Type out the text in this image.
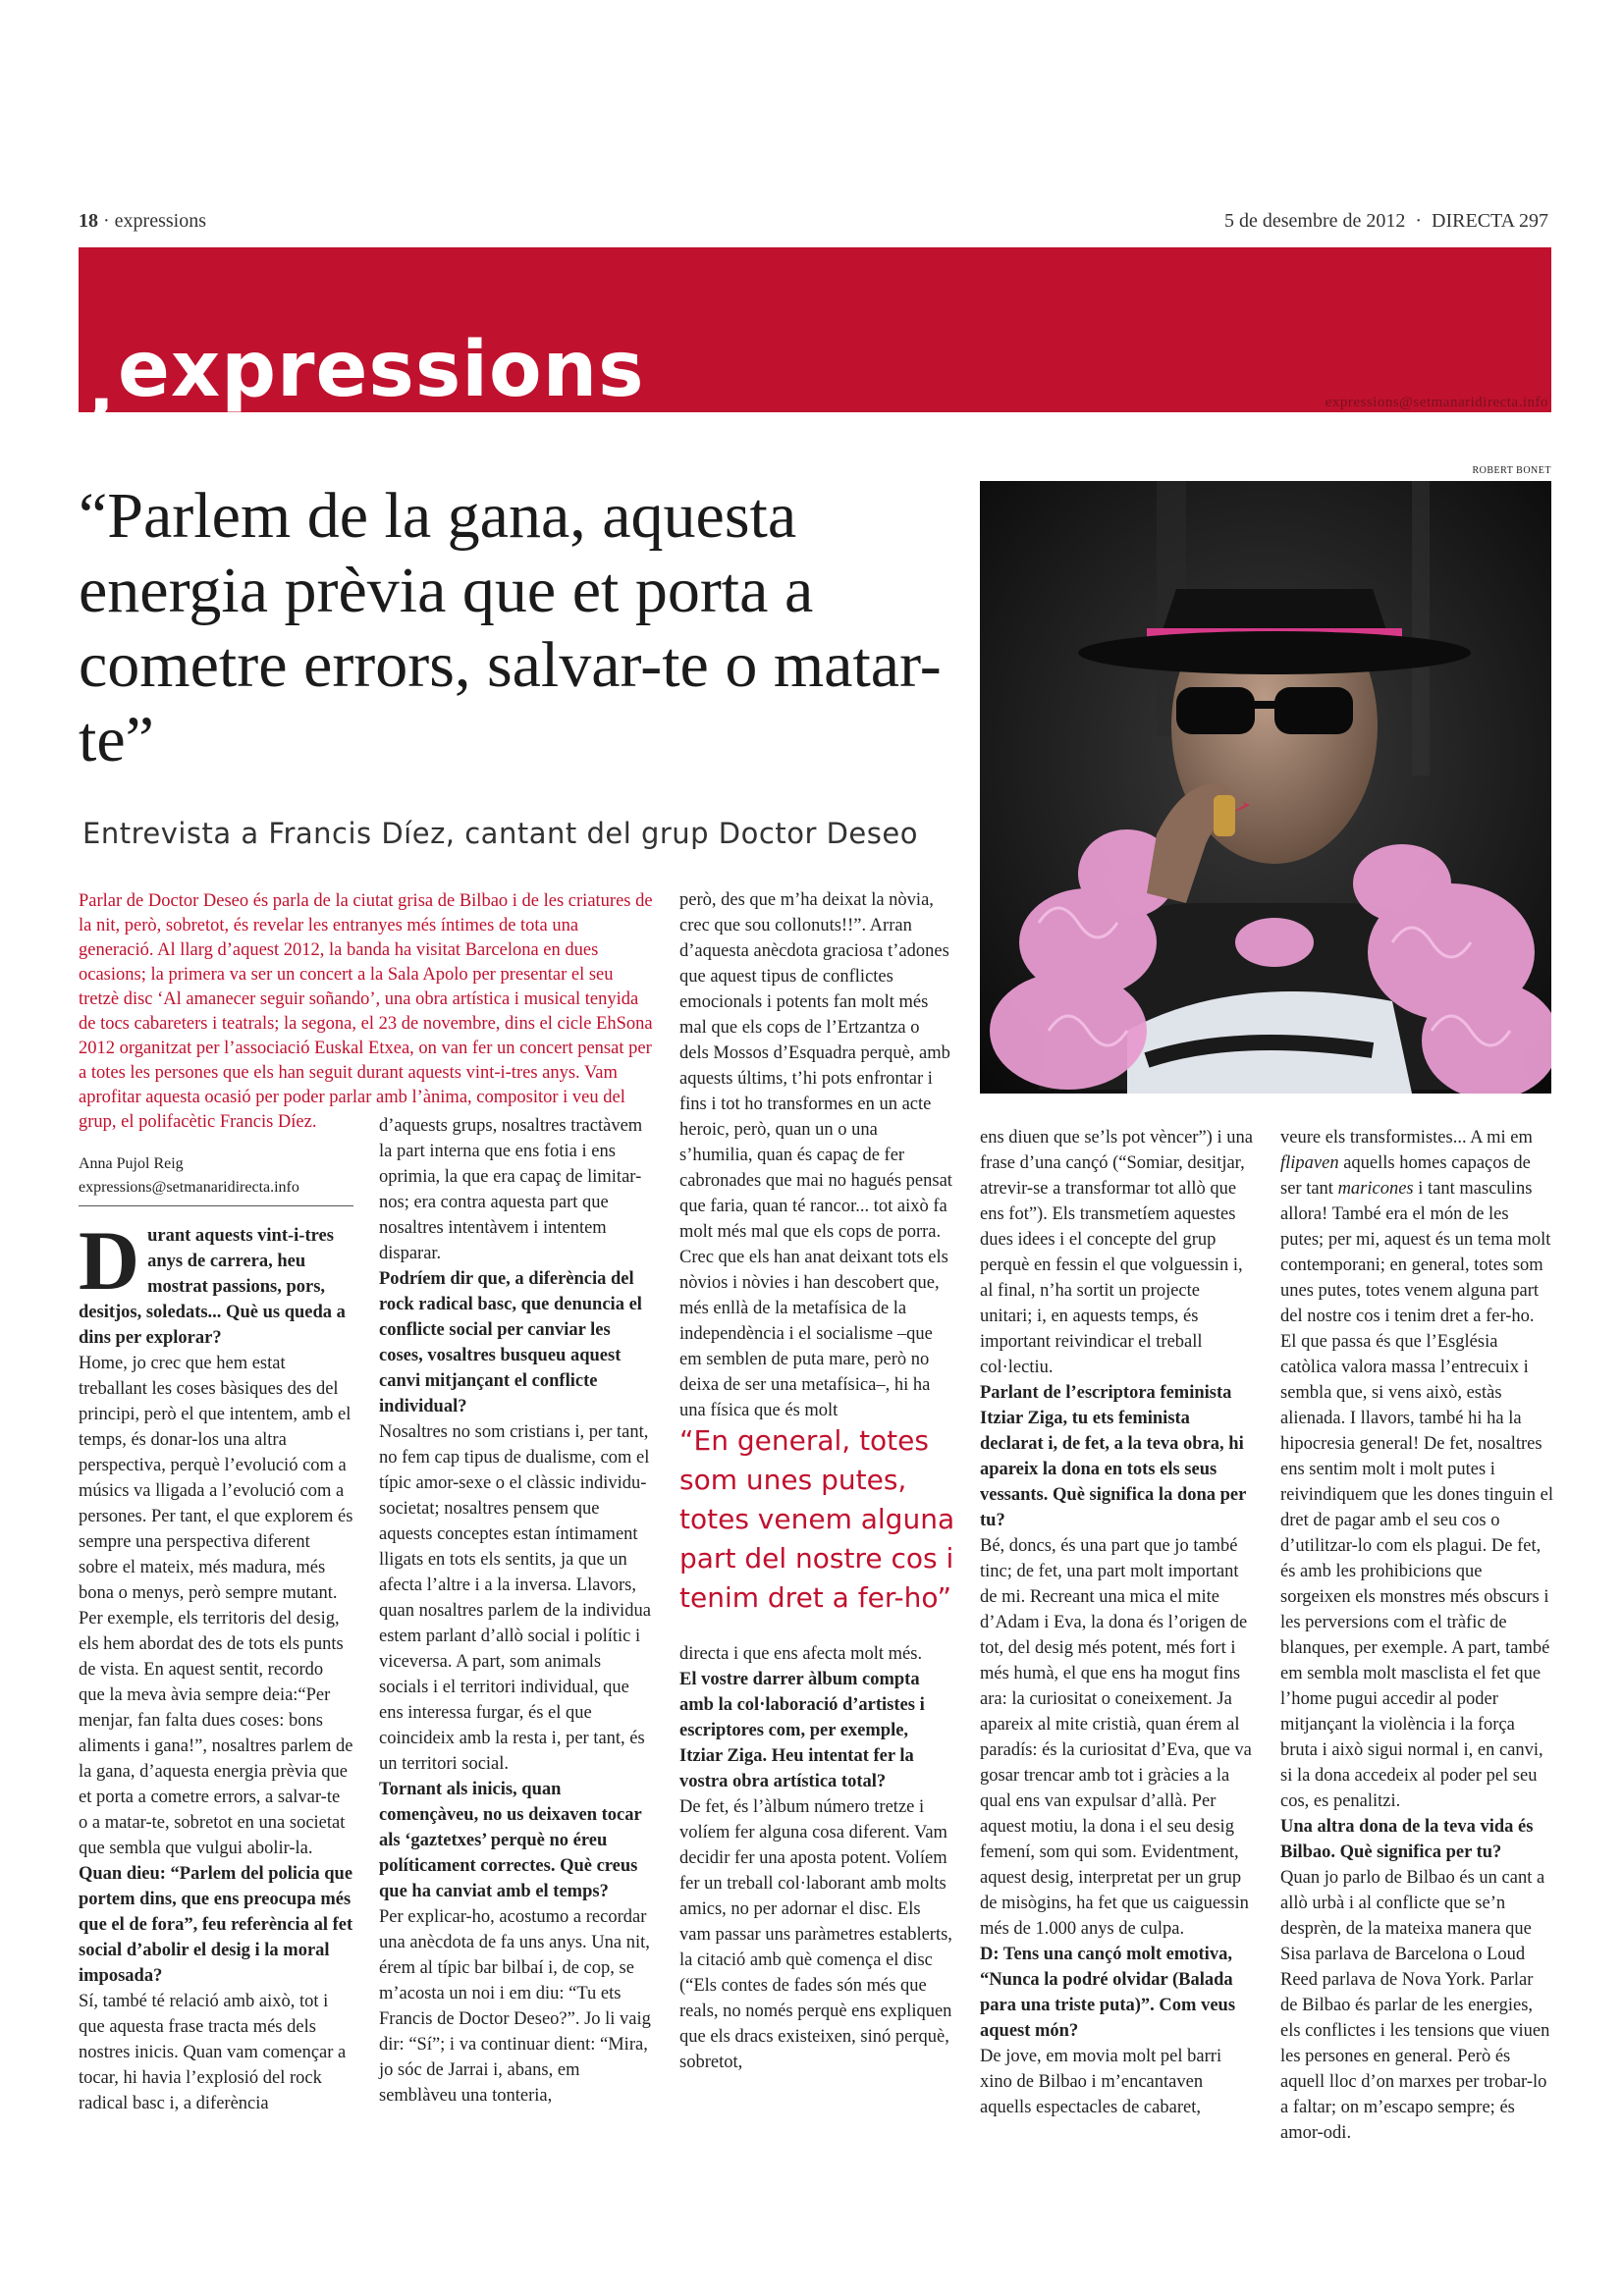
18 · expressions	5 de desembre de 2012 · DIRECTA 297
, expressions	expressions@setmanaridirecta.info
ROBERT BONET
“Parlem de la gana, aquesta energia prèvia que et porta a cometre errors, salvar-te o matar-te”
Entrevista a Francis Díez, cantant del grup Doctor Deseo
Parlar de Doctor Deseo és parla de la ciutat grisa de Bilbao i de les criatures de la nit, però, sobretot, és revelar les entranyes més íntimes de tota una generació. Al llarg d’aquest 2012, la banda ha visitat Barcelona en dues ocasions; la primera va ser un concert a la Sala Apolo per presentar el seu tretzè disc ‘Al amanecer seguir soñando’, una obra artística i musical tenyida de tocs cabareters i teatrals; la segona, el 23 de novembre, dins el cicle EhSona 2012 organitzat per l’associació Euskal Etxea, on van fer un concert pensat per a totes les persones que els han seguit durant aquests vint-i-tres anys. Vam aprofitar aquesta ocasió per poder parlar amb l’ànima, compositor i veu del grup, el polifacètic Francis Díez.
Anna Pujol Reig
expressions@setmanaridirecta.info

Durant aquests vint-i-tres anys de carrera, heu mostrat passions, pors, desitjos, soledats... Què us queda a dins per explorar?

Home, jo crec que hem estat treballant les coses bàsiques des del principi, però el que intentem, amb el temps, és donar-los una altra perspectiva, perquè l’evolució com a músics va lligada a l’evolució com a persones. Per tant, el que explorem és sempre una perspectiva diferent sobre el mateix, més madura, més bona o menys, però sempre mutant. Per exemple, els territoris del desig, els hem abordat des de tots els punts de vista. En aquest sentit, recordo que la meva àvia sempre deia:“Per menjar, fan falta dues coses: bons aliments i gana!”, nosaltres parlem de la gana, d’aquesta energia prèvia que et porta a cometre errors, a salvar-te o a matar-te, sobretot en una societat que sembla que vulgui abolir-la.

Quan dieu: “Parlem del policia que portem dins, que ens preocupa més que el de fora”, feu referència al fet social d’abolir el desig i la moral imposada?

Sí, també té relació amb això, tot i que aquesta frase tracta més dels nostres inicis. Quan vam començar a tocar, hi havia l’explosió del rock radical basc i, a diferència

d’aquests grups, nosaltres tractàvem la part interna que ens fotia i ens oprimia, la que era capaç de limitar-nos; era contra aquesta part que nosaltres intentàvem i intentem disparar.

Podríem dir que, a diferència del rock radical basc, que denuncia el conflicte social per canviar les coses, vosaltres busqueu aquest canvi mitjançant el conflicte individual?

Nosaltres no som cristians i, per tant, no fem cap tipus de dualisme, com el típic amor-sexe o el clàssic individu-societat; nosaltres pensem que aquests conceptes estan íntimament lligats en tots els sentits, ja que un afecta l’altre i a la inversa. Llavors, quan nosaltres parlem de la individua estem parlant d’allò social i polític i viceversa. A part, som animals socials i el territori individual, que ens interessa furgar, és el que coincideix amb la resta i, per tant, és un territori social.

Tornant als inicis, quan començàveu, no us deixaven tocar als ‘gaztetxes’ perquè no éreu políticament correctes. Què creus que ha canviat amb el temps?

Per explicar-ho, acostumo a recordar una anècdota de fa uns anys. Una nit, érem al típic bar bilbaí i, de cop, se m’acosta un noi i em diu: “Tu ets Francis de Doctor Deseo?”. Jo li vaig dir: “Sí”; i va continuar dient: “Mira, jo sóc de Jarrai i, abans, em semblàveu una tonteria,

però, des que m’ha deixat la nòvia, crec que sou collonuts!!”. Arran d’aquesta anècdota graciosa t’adones que aquest tipus de conflictes emocionals i potents fan molt més mal que els cops de l’Ertzantza o dels Mossos d’Esquadra perquè, amb aquests últims, t’hi pots enfrontar i fins i tot ho transformes en un acte heroic, però, quan un o una s’humilia, quan és capaç de fer cabronades que mai no hagués pensat que faria, quan té rancor... tot això fa molt més mal que els cops de porra. Crec que els han anat deixant tots els nòvios i nòvies i han descobert que, més enllà de la metafísica de la independència i el socialisme –que em semblen de puta mare, però no deixa de ser una metafísica–, hi ha una física que és molt

directa i que ens afecta molt més.

El vostre darrer àlbum compta amb la col·laboració d’artistes i escriptores com, per exemple, Itziar Ziga. Heu intentat fer la vostra obra artística total?

De fet, és l’àlbum número tretze i volíem fer alguna cosa diferent. Vam decidir fer una aposta potent. Volíem fer un treball col·laborant amb molts amics, no per adornar el disc. Els vam passar uns paràmetres establerts, la citació amb què comença el disc (“Els contes de fades són més que reals, no només perquè ens expliquen que els dracs existeixen, sinó perquè, sobretot,

“En general, totes som unes putes, totes venem alguna part del nostre cos i tenim dret a fer-ho”

ens diuen que se’ls pot vèncer”) i una frase d’una cançó (“Somiar, desitjar, atrevir-se a transformar tot allò que ens fot”). Els transmetíem aquestes dues idees i el concepte del grup perquè en fessin el que volguessin i, al final, n’ha sortit un projecte unitari; i, en aquests temps, és important reivindicar el treball col·lectiu.

Parlant de l’escriptora feminista Itziar Ziga, tu ets feminista declarat i, de fet, a la teva obra, hi apareix la dona en tots els seus vessants. Què significa la dona per tu?

Bé, doncs, és una part que jo també tinc; de fet, una part molt important de mi. Recreant una mica el mite d’Adam i Eva, la dona és l’origen de tot, del desig més potent, més fort i més humà, el que ens ha mogut fins ara: la curiositat o coneixement. Ja apareix al mite cristià, quan érem al paradís: és la curiositat d’Eva, que va gosar trencar amb tot i gràcies a la qual ens van expulsar d’allà. Per aquest motiu, la dona i el seu desig femení, som qui som. Evidentment, aquest desig, interpretat per un grup de misògins, ha fet que us caiguessin més de 1.000 anys de culpa.

D: Tens una cançó molt emotiva, “Nunca la podré olvidar (Balada para una triste puta)”. Com veus aquest món?

De jove, em movia molt pel barri xino de Bilbao i m’encantaven aquells espectacles de cabaret,

veure els transformistes... A mi em flipaven aquells homes capaços de ser tant maricones i tant masculins allora! També era el món de les putes; per mi, aquest és un tema molt contemporani; en general, totes som unes putes, totes venem alguna part del nostre cos i tenim dret a fer-ho. El que passa és que l’Església catòlica valora massa l’entrecuix i sembla que, si vens això, estàs alienada. I llavors, també hi ha la hipocresia general! De fet, nosaltres ens sentim molt i molt putes i reivindiquem que les dones tinguin el dret de pagar amb el seu cos o d’utilitzar-lo com els plagui. De fet, és amb les prohibicions que sorgeixen els monstres més obscurs i les perversions com el tràfic de blanques, per exemple. A part, també em sembla molt masclista el fet que l’home pugui accedir al poder mitjançant la violència i la força bruta i això sigui normal i, en canvi, si la dona accedeix al poder pel seu cos, es penalitzi.

Una altra dona de la teva vida és Bilbao. Què significa per tu?

Quan jo parlo de Bilbao és un cant a allò urbà i al conflicte que se’n desprèn, de la mateixa manera que Sisa parlava de Barcelona o Loud Reed parlava de Nova York. Parlar de Bilbao és parlar de les energies, els conflictes i les tensions que viuen les persones en general. Però és aquell lloc d’on marxes per trobar-lo a faltar; on m’escapo sempre; és amor-odi.
